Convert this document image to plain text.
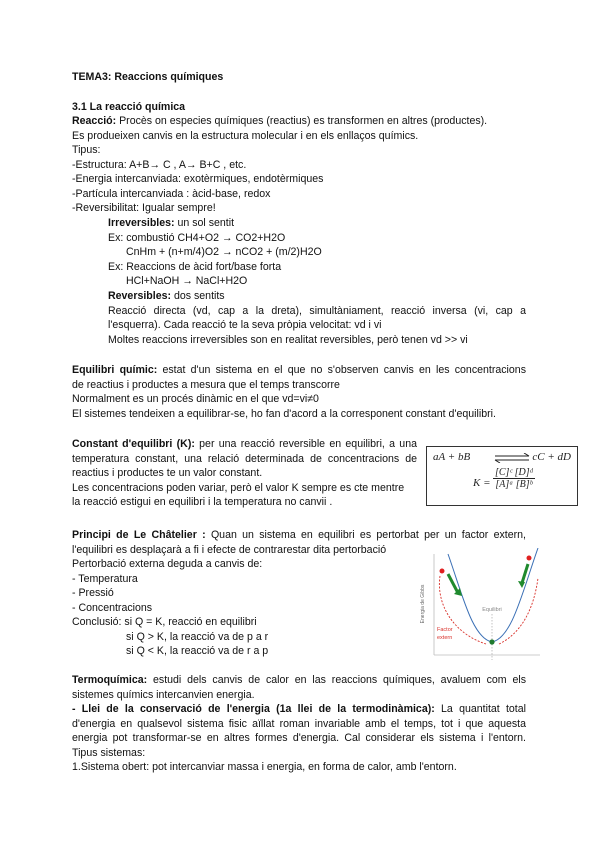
TEMA3: Reaccions químiques
3.1 La reacció química
Reacció: Procès on especies químiques (reactius) es transformen en altres (productes).
Es produeixen canvis en la estructura molecular i en els enllaços químics.
Tipus:
-Estructura: A+B→ C , A→ B+C , etc.
-Energia intercanviada: exotèrmiques, endotèrmiques
-Partícula intercanviada : àcid-base, redox
-Reversibilitat: Igualar sempre!
Irreversibles: un sol sentit
Ex: combustió CH4+O2 → CO2+H2O
CnHm + (n+m/4)O2 → nCO2 + (m/2)H2O
Ex: Reaccions de àcid fort/base forta
HCl+NaOH → NaCl+H2O
Reversibles: dos sentits
Reacció directa (vd, cap a la dreta), simultàniament, reacció inversa (vi, cap a
l'esquerra). Cada reacció te la seva pròpia velocitat: vd i vi
Moltes reaccions irreversibles son en realitat reversibles, però tenen vd >> vi
Equilibri químic: estat d'un sistema en el que no s'observen canvis en les concentracions
de reactius i productes a mesura que el temps transcorre
Normalment es un procés dinàmic en el que vd=vi≠0
El sistemes tendeixen a equilibrar-se, ho fan d'acord a la corresponent constant d'equilibri.
Constant d'equilibri (K): per una reacció reversible en equilibri, a una
temperatura constant, una relació determinada de concentracions de
reactius i productes te un valor constant.
Les concentracions poden variar, però el valor K sempre es cte mentre
la reacció estigui en equilibri i la temperatura no canvii .
aA + bB ⇌ cC + dD
$K = \frac{\text{[C]ᶜ [D]ᵈ}}{\text{[A]ᵃ [B]ᵇ}}$
Principi de Le Châtelier : Quan un sistema en equilibri es pertorbat per un factor extern,
l'equilibri es desplaçarà a fi i efecte de contrarestar dita pertorbació
Pertorbació externa deguda a canvis de:
- Temperatura
- Pressió
- Concentracions
Conclusió: si Q = K, reacció en equilibri
si Q > K, la reacció va de p a r
si Q < K, la reacció va de r a p
Energia de Gibbs	Equilibri
Factor
extern
Termoquímica: estudi dels canvis de calor en las reaccions químiques, avaluem com els
sistemes químics intercanvien energia.
- Llei de la conservació de l'energia (1a llei de la termodinàmica): La quantitat total
d'energia en qualsevol sistema fisic aïllat roman invariable amb el temps, tot i que aquesta
energia pot transformar-se en altres formes d'energia. Cal considerar els sistema i l'entorn.
Tipus sistemas:
1.Sistema obert: pot intercanviar massa i energia, en forma de calor, amb l'entorn.
